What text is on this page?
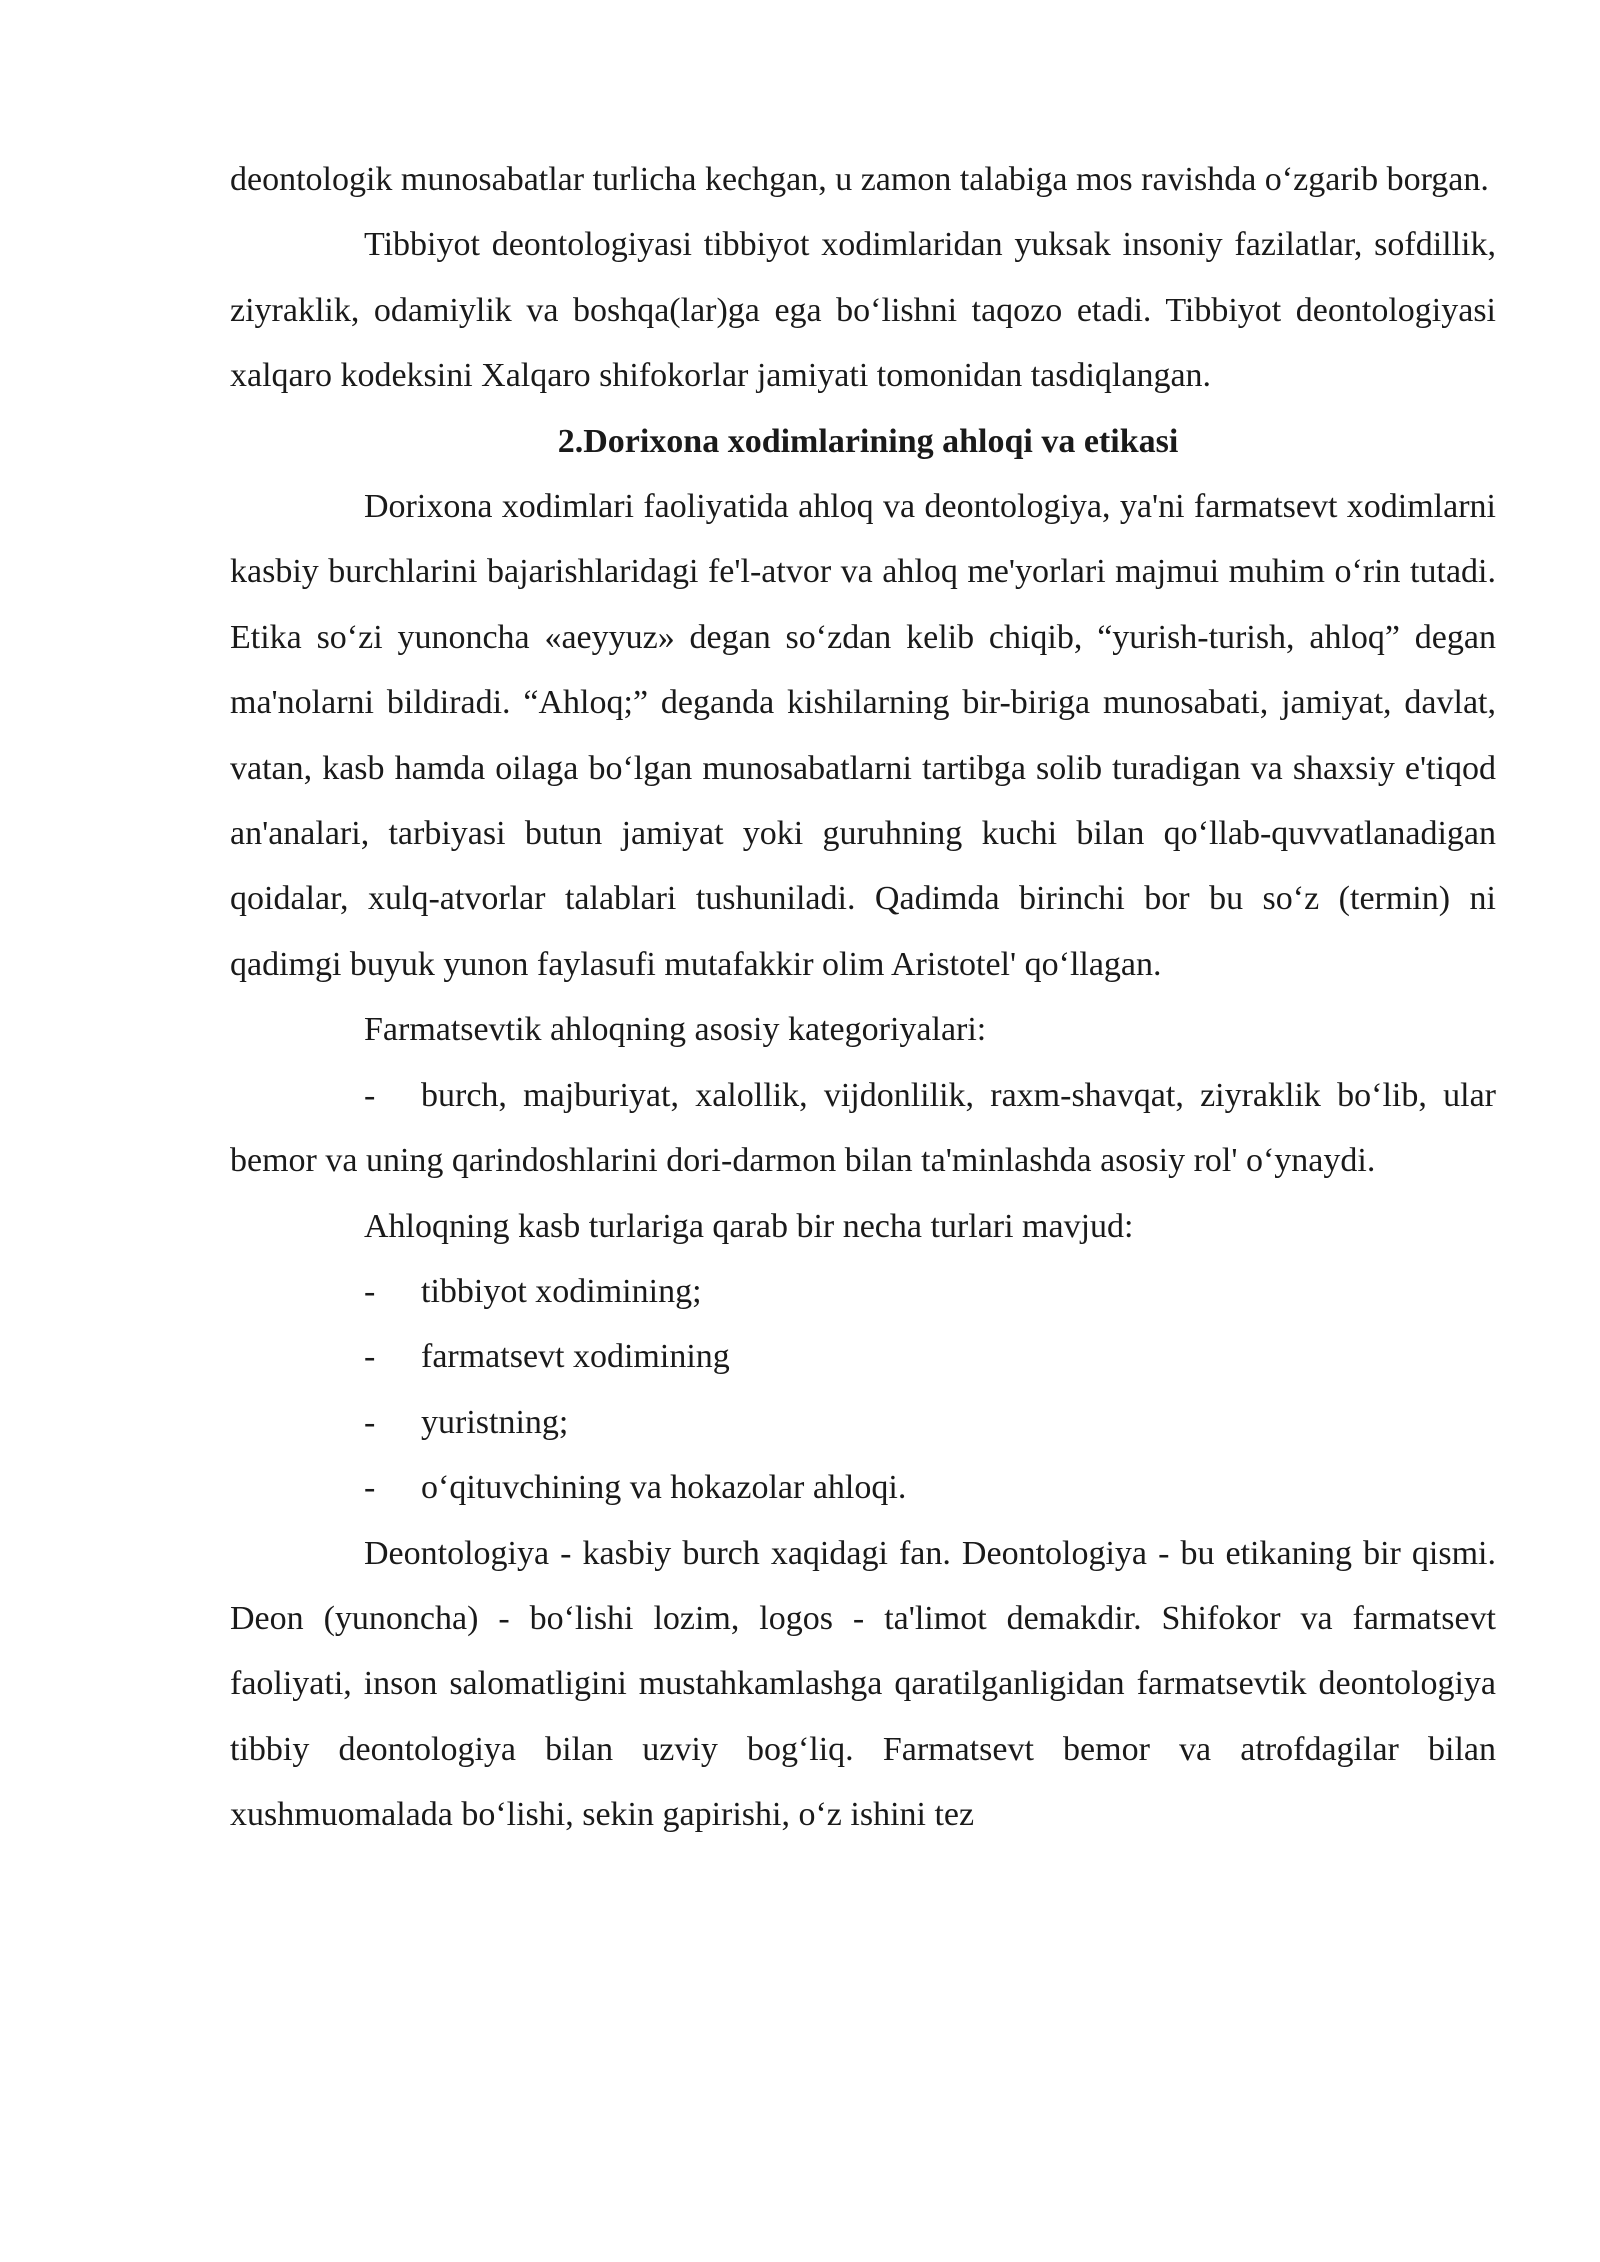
deontologik munosabatlar turlicha kechgan, u zamon talabiga mos ravishda o‘zgarib borgan.

Tibbiyot deontologiyasi tibbiyot xodimlaridan yuksak insoniy fazilatlar, sofdillik, ziyraklik, odamiylik va boshqa(lar)ga ega bo‘lishni taqozo etadi. Tibbiyot deontologiyasi xalqaro kodeksini Xalqaro shifokorlar jamiyati tomonidan tasdiqlangan.

2.Dorixona xodimlarining ahloqi va etikasi

Dorixona xodimlari faoliyatida ahloq va deontologiya, ya'ni farmatsevt xodimlarni kasbiy burchlarini bajarishlaridagi fe'l-atvor va ahloq me'yorlari majmui muhim o‘rin tutadi. Etika so‘zi yunoncha «aeyyuz» degan so‘zdan kelib chiqib, “yurish-turish, ahloq” degan ma'nolarni bildiradi. “Ahloq;” deganda kishilarning bir-biriga munosabati, jamiyat, davlat, vatan, kasb hamda oilaga bo‘lgan munosabatlarni tartibga solib turadigan va shaxsiy e'tiqod an'analari, tarbiyasi butun jamiyat yoki guruhning kuchi bilan qo‘llab-quvvatlanadigan qoidalar, xulq-atvorlar talablari tushuniladi. Qadimda birinchi bor bu so‘z (termin) ni qadimgi buyuk yunon faylasufi mutafakkir olim Aristotel' qo‘llagan.

Farmatsevtik ahloqning asosiy kategoriyalari:

- burch, majburiyat, xalollik, vijdonlilik, raxm-shavqat, ziyraklik bo‘lib, ular bemor va uning qarindoshlarini dori-darmon bilan ta'minlashda asosiy rol' o‘ynaydi.

Ahloqning kasb turlariga qarab bir necha turlari mavjud:

-	tibbiyot xodimining;
-	farmatsevt xodimining
-	yuristning;
-	o‘qituvchining va hokazolar ahloqi.

Deontologiya - kasbiy burch xaqidagi fan. Deontologiya - bu etikaning bir qismi. Deon (yunoncha) - bo‘lishi lozim, logos - ta'limot demakdir. Shifokor va farmatsevt faoliyati, inson salomatligini mustahkamlashga qaratilganligidan farmatsevtik deontologiya tibbiy deontologiya bilan uzviy bog‘liq. Farmatsevt bemor va atrofdagilar bilan xushmuomalada bo‘lishi, sekin gapirishi, o‘z ishini tez
